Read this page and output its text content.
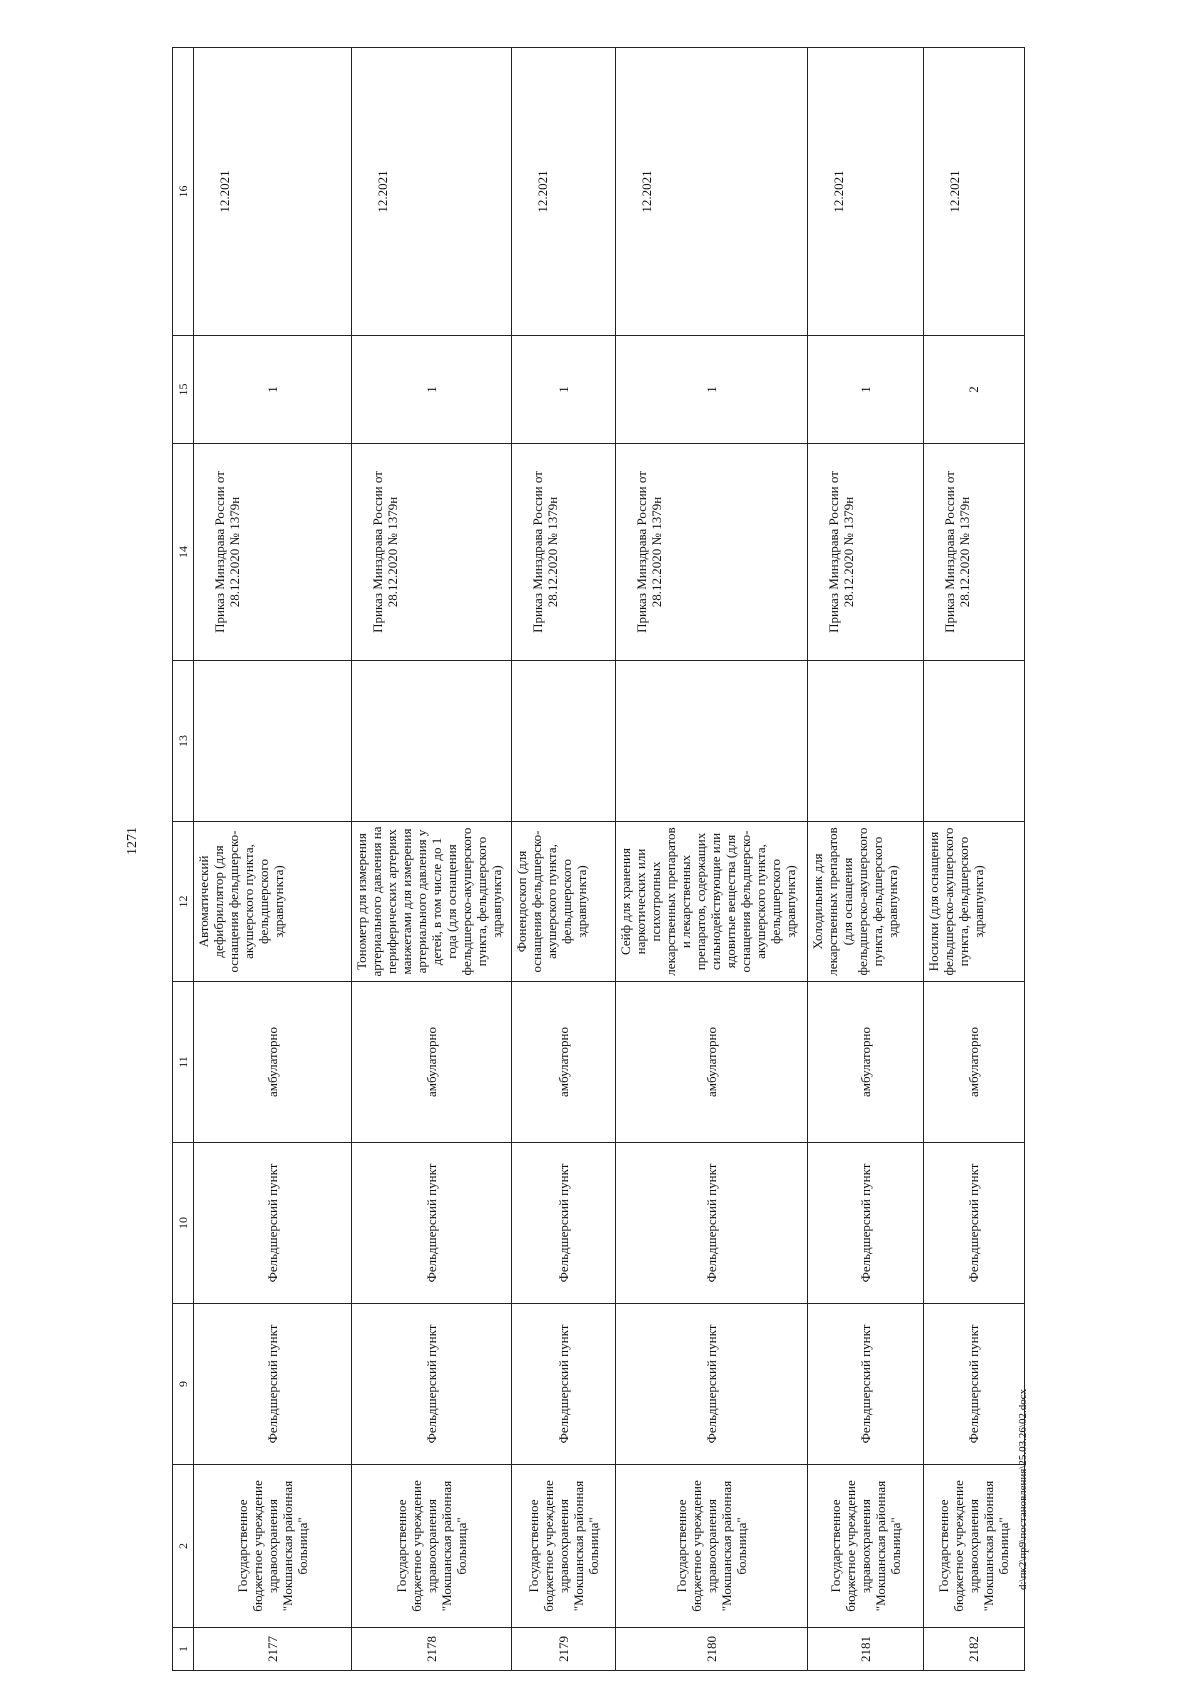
1271
d:\пк2\пр9\постановления\25.03.26\02.docx
1	2	9	10	11	12	13	14	15	16
2177	Государственное бюджетное учреждение здравоохранения "Мокшанская районная больница"	Фельдшерский пункт	Фельдшерский пункт	амбулаторно	Автоматический дефибриллятор (для оснащения фельдшерско-акушерского пункта, фельдшерского здравпункта)		Приказ Минздрава России от 28.12.2020 № 1379н	1	12.2021
2178	Государственное бюджетное учреждение здравоохранения "Мокшанская районная больница"	Фельдшерский пункт	Фельдшерский пункт	амбулаторно	Тонометр для измерения артериального давления на периферических артериях манжетами для измерения артериального давления у детей, в том числе до 1 года (для оснащения фельдшерско-акушерского пункта, фельдшерского здравпункта)		Приказ Минздрава России от 28.12.2020 № 1379н	1	12.2021
2179	Государственное бюджетное учреждение здравоохранения "Мокшанская районная больница"	Фельдшерский пункт	Фельдшерский пункт	амбулаторно	Фонендоскоп (для оснащения фельдшерско-акушерского пункта, фельдшерского здравпункта)		Приказ Минздрава России от 28.12.2020 № 1379н	1	12.2021
2180	Государственное бюджетное учреждение здравоохранения "Мокшанская районная больница"	Фельдшерский пункт	Фельдшерский пункт	амбулаторно	Сейф для хранения наркотических или психотропных лекарственных препаратов и лекарственных препаратов, содержащих сильнодействующие или ядовитые вещества (для оснащения фельдшерско-акушерского пункта, фельдшерского здравпункта)		Приказ Минздрава России от 28.12.2020 № 1379н	1	12.2021
2181	Государственное бюджетное учреждение здравоохранения "Мокшанская районная больница"	Фельдшерский пункт	Фельдшерский пункт	амбулаторно	Холодильник для лекарственных препаратов (для оснащения фельдшерско-акушерского пункта, фельдшерского здравпункта)		Приказ Минздрава России от 28.12.2020 № 1379н	1	12.2021
2182	Государственное бюджетное учреждение здравоохранения "Мокшанская районная больница"	Фельдшерский пункт	Фельдшерский пункт	амбулаторно	Носилки (для оснащения фельдшерско-акушерского пункта, фельдшерского здравпункта)		Приказ Минздрава России от 28.12.2020 № 1379н	2	12.2021
